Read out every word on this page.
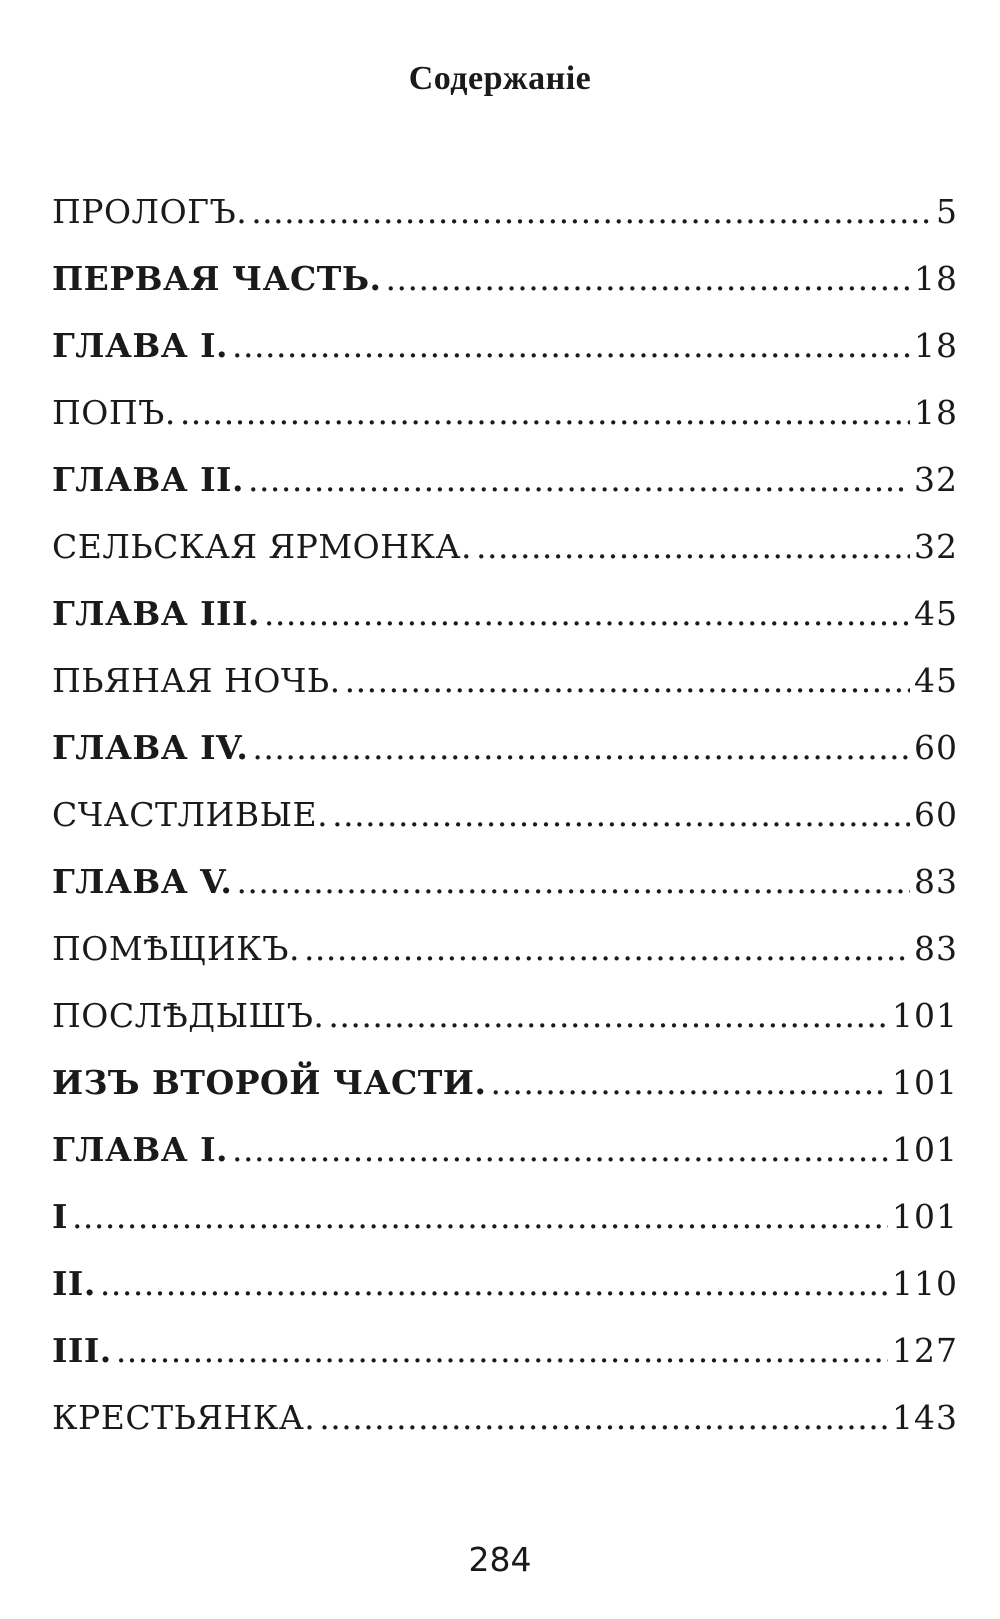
Содержаніе
ПРОЛОГЪ. . . .	5
ПЕРВАЯ ЧАСТЬ. . . .	18
ГЛАВА I. . . .	18
ПОПЪ. . . .	18
ГЛАВА II. . . .	32
СЕЛЬСКАЯ ЯРМОНКА. . . .	32
ГЛАВА III. . . .	45
ПЬЯНАЯ НОЧЬ. . . .	45
ГЛАВА IV. . . .	60
СЧАСТЛИВЫЕ. . . .	60
ГЛАВА V. . . .	83
ПОМѢЩИКЪ. . . .	83
ПОСЛѢДЫШЪ. . . .	101
ИЗЪ ВТОРОЙ ЧАСТИ. . . .	101
ГЛАВА I. . . .	101
I . . .	101
II. . . .	110
III. . . .	127
КРЕСТЬЯНКА. . . .	143
284
